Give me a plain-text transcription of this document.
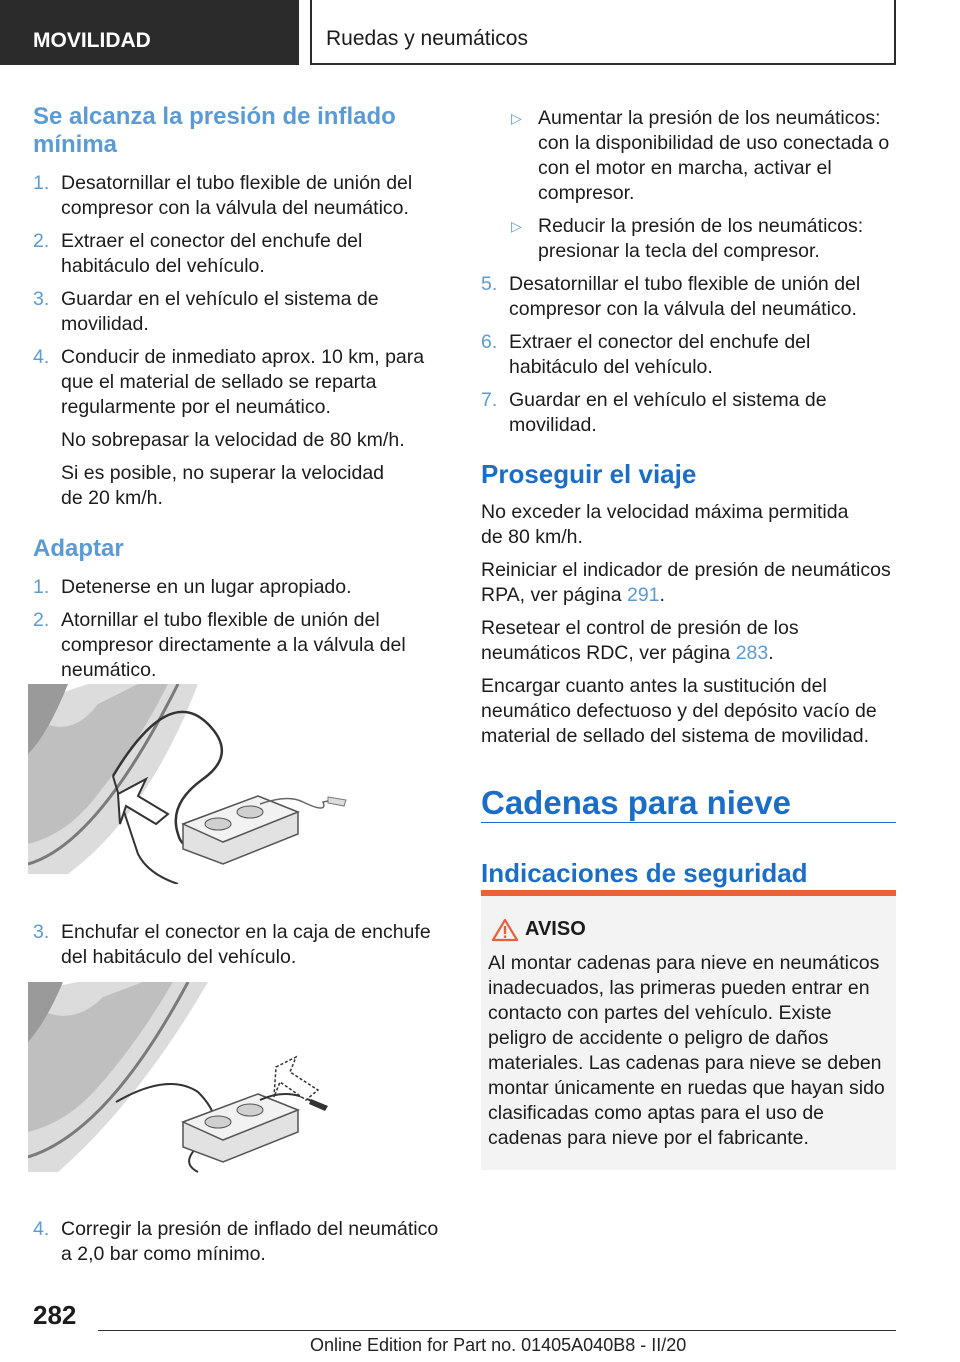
MOVILIDAD	Ruedas y neumáticos
Se alcanza la presión de inflado mínima
1. Desatornillar el tubo flexible de unión del compresor con la válvula del neumático.
2. Extraer el conector del enchufe del habitáculo del vehículo.
3. Guardar en el vehículo el sistema de movilidad.
4. Conducir de inmediato aprox. 10 km, para que el material de sellado se reparta regularmente por el neumático.
No sobrepasar la velocidad de 80 km/h.
Si es posible, no superar la velocidad de 20 km/h.
Adaptar
1. Detenerse en un lugar apropiado.
2. Atornillar el tubo flexible de unión del compresor directamente a la válvula del neumático.
3. Enchufar el conector en la caja de enchufe del habitáculo del vehículo.
4. Corregir la presión de inflado del neumático a 2,0 bar como mínimo.
▷ Aumentar la presión de los neumáticos: con la disponibilidad de uso conectada o con el motor en marcha, activar el compresor.
▷ Reducir la presión de los neumáticos: presionar la tecla del compresor.
5. Desatornillar el tubo flexible de unión del compresor con la válvula del neumático.
6. Extraer el conector del enchufe del habitáculo del vehículo.
7. Guardar en el vehículo el sistema de movilidad.
Proseguir el viaje
No exceder la velocidad máxima permitida de 80 km/h.
Reiniciar el indicador de presión de neumáticos RPA, ver página 291.
Resetear el control de presión de los neumáticos RDC, ver página 283.
Encargar cuanto antes la sustitución del neumático defectuoso y del depósito vacío de material de sellado del sistema de movilidad.
Cadenas para nieve
Indicaciones de seguridad
AVISO
Al montar cadenas para nieve en neumáticos inadecuados, las primeras pueden entrar en contacto con partes del vehículo. Existe peligro de accidente o peligro de daños materiales. Las cadenas para nieve se deben montar únicamente en ruedas que hayan sido clasificadas como aptas para el uso de cadenas para nieve por el fabricante.
282
Online Edition for Part no. 01405A040B8 - II/20
